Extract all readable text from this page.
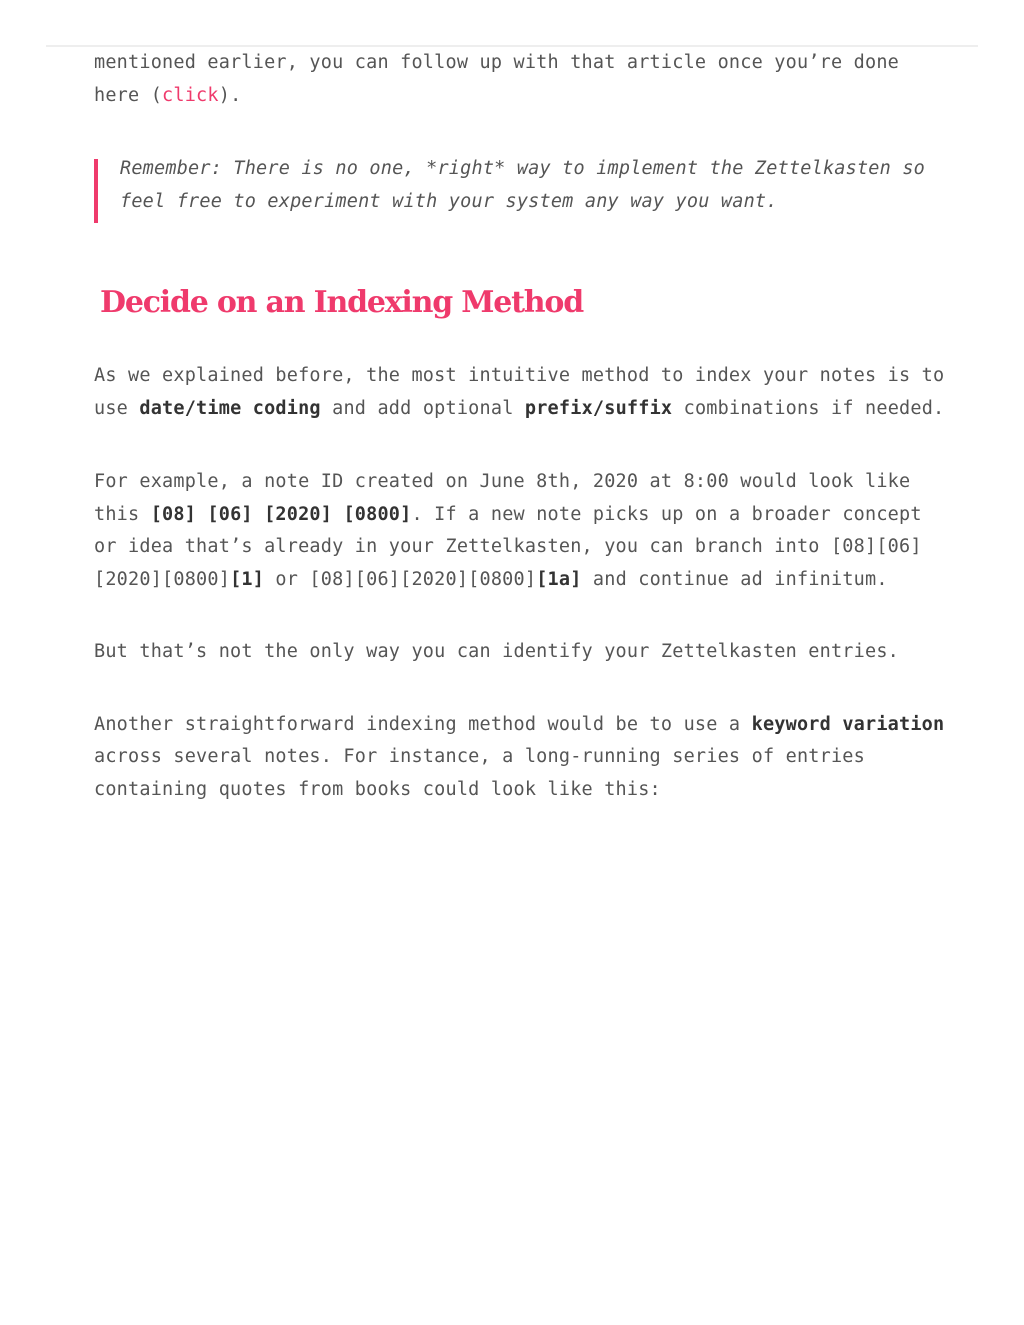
mentioned earlier, you can follow up with that article once you’re done
here (click).

Remember: There is no one, *right* way to implement the Zettelkasten so
feel free to experiment with your system any way you want.

Decide on an Indexing Method

As we explained before, the most intuitive method to index your notes is to use date/time coding and add optional prefix/suffix combinations if needed.

For example, a note ID created on June 8th, 2020 at 8:00 would look like this [08] [06] [2020] [0800]. If a new note picks up on a broader concept or idea that’s already in your Zettelkasten, you can branch into [08][06][2020][0800][1] or [08][06][2020][0800][1a] and continue ad infinitum.

But that’s not the only way you can identify your Zettelkasten entries.

Another straightforward indexing method would be to use a keyword variation across several notes. For instance, a long-running series of entries containing quotes from books could look like this:
